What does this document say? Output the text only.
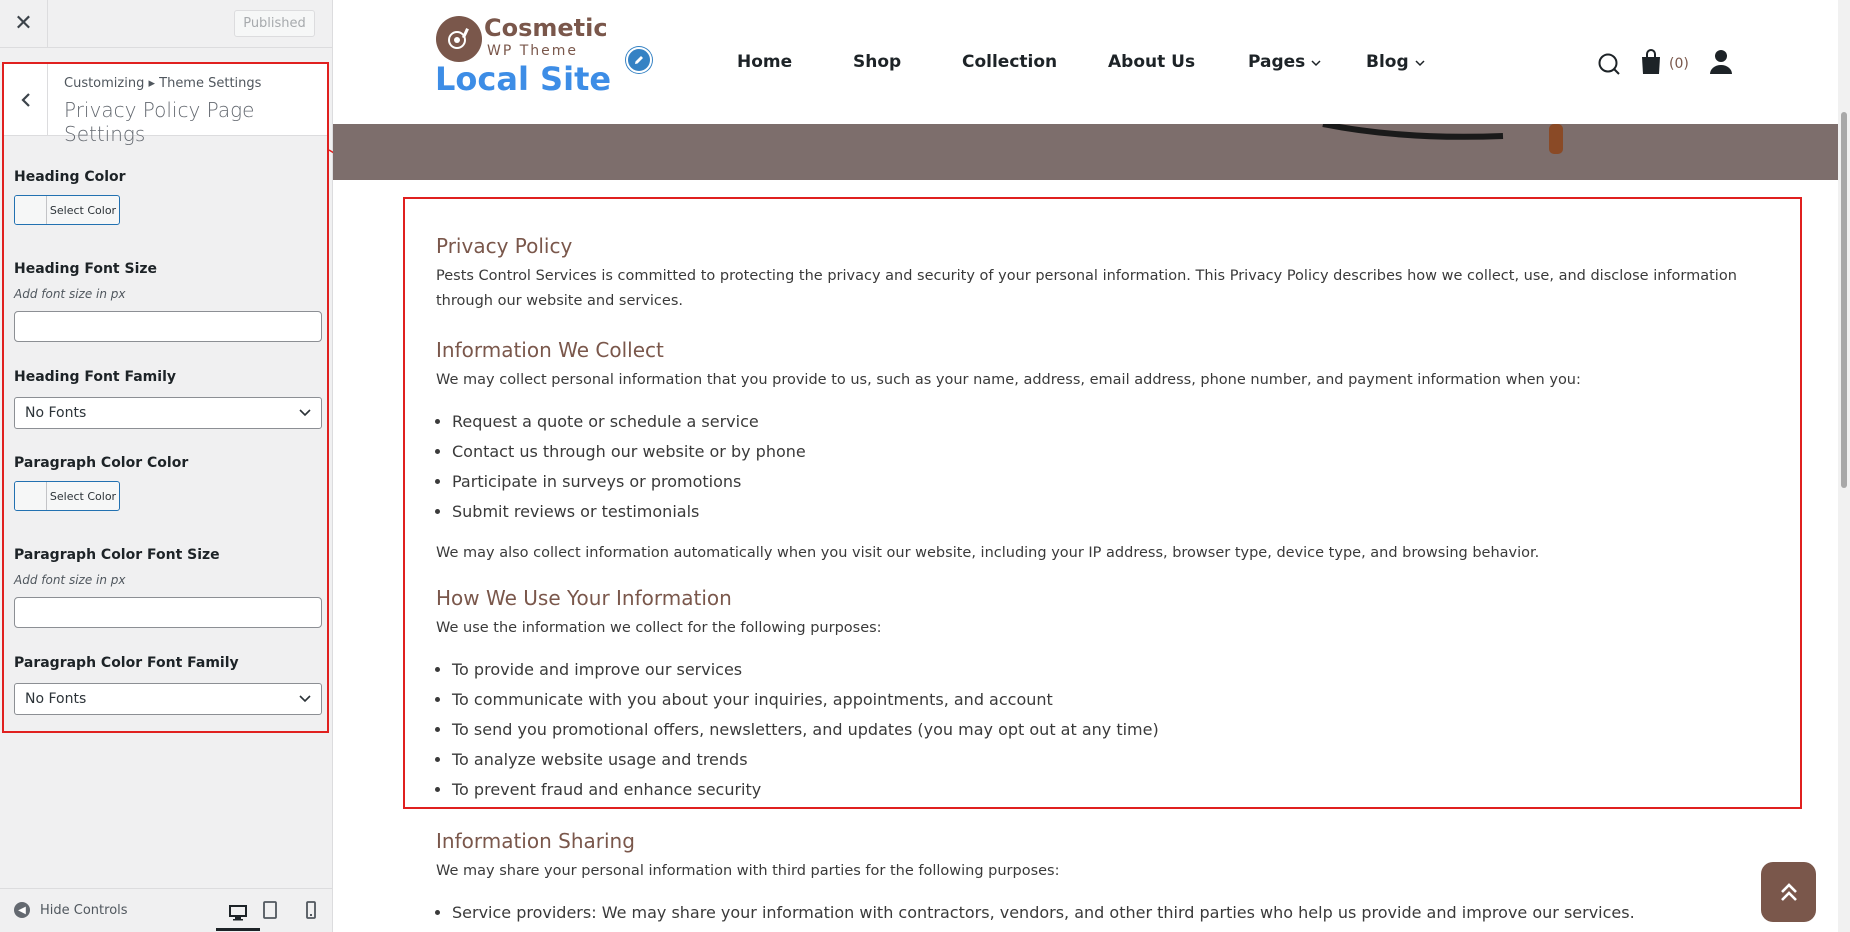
✕	Published
Customizing ▸ Theme Settings
Privacy Policy Page Settings
Heading Color
Select Color
Heading Font Size
Add font size in px
Heading Font Family
No Fonts
Paragraph Color Color
Select Color
Paragraph Color Font Size
Add font size in px
Paragraph Color Font Family
No Fonts
◀	Hide Controls
Cosmetic
WP Theme
Local Site	Home	Shop	Collection	About Us	Pages	Blog	(0)
Privacy Policy

Pests Control Services is committed to protecting the privacy and security of your personal information. This Privacy Policy describes how we collect, use, and disclose information through our website and services.

Information We Collect

We may collect personal information that you provide to us, such as your name, address, email address, phone number, and payment information when you:

• Request a quote or schedule a service
• Contact us through our website or by phone
• Participate in surveys or promotions
• Submit reviews or testimonials

We may also collect information automatically when you visit our website, including your IP address, browser type, device type, and browsing behavior.

How We Use Your Information

We use the information we collect for the following purposes:

• To provide and improve our services
• To communicate with you about your inquiries, appointments, and account
• To send you promotional offers, newsletters, and updates (you may opt out at any time)
• To analyze website usage and trends
• To prevent fraud and enhance security
Information Sharing

We may share your personal information with third parties for the following purposes:

• Service providers: We may share your information with contractors, vendors, and other third parties who help us provide and improve our services.
